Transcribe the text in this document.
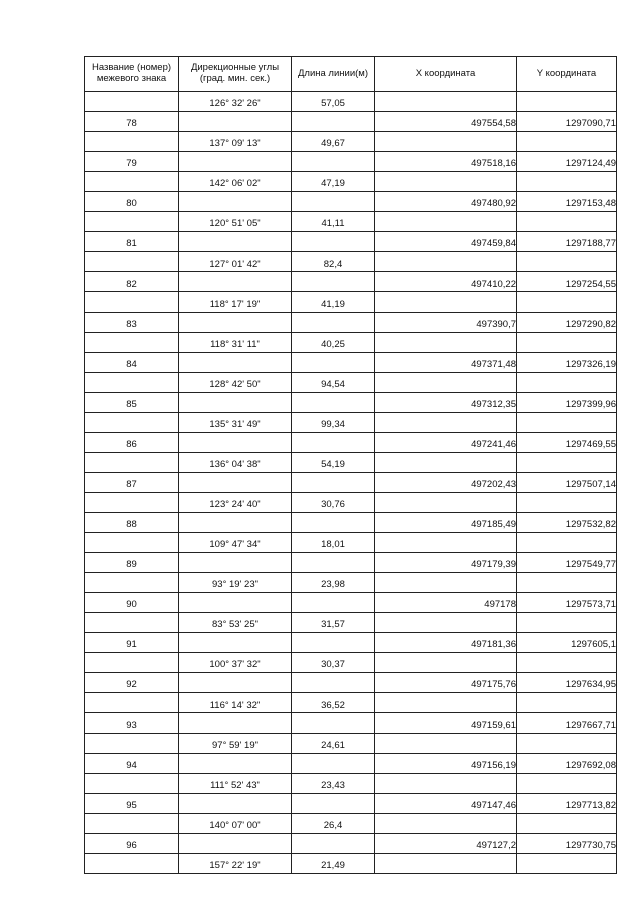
Название (номер)
межевого знака	Дирекционные углы
(град. мин. сек.)	Длина линии(м)	X координата	Y координата

	126° 32' 26"	57,05		
78			497554,58	1297090,71
	137° 09' 13"	49,67		
79			497518,16	1297124,49
	142° 06' 02"	47,19		
80			497480,92	1297153,48
	120° 51' 05"	41,11		
81			497459,84	1297188,77
	127° 01' 42"	82,4		
82			497410,22	1297254,55
	118° 17' 19"	41,19		
83			497390,7	1297290,82
	118° 31' 11"	40,25		
84			497371,48	1297326,19
	128° 42' 50"	94,54		
85			497312,35	1297399,96
	135° 31' 49"	99,34		
86			497241,46	1297469,55
	136° 04' 38"	54,19		
87			497202,43	1297507,14
	123° 24' 40"	30,76		
88			497185,49	1297532,82
	109° 47' 34"	18,01		
89			497179,39	1297549,77
	93° 19' 23"	23,98		
90			497178	1297573,71
	83° 53' 25"	31,57		
91			497181,36	1297605,1
	100° 37' 32"	30,37		
92			497175,76	1297634,95
	116° 14' 32"	36,52		
93			497159,61	1297667,71
	97° 59' 19"	24,61		
94			497156,19	1297692,08
	111° 52' 43"	23,43		
95			497147,46	1297713,82
	140° 07' 00"	26,4		
96			497127,2	1297730,75
	157° 22' 19"	21,49		
